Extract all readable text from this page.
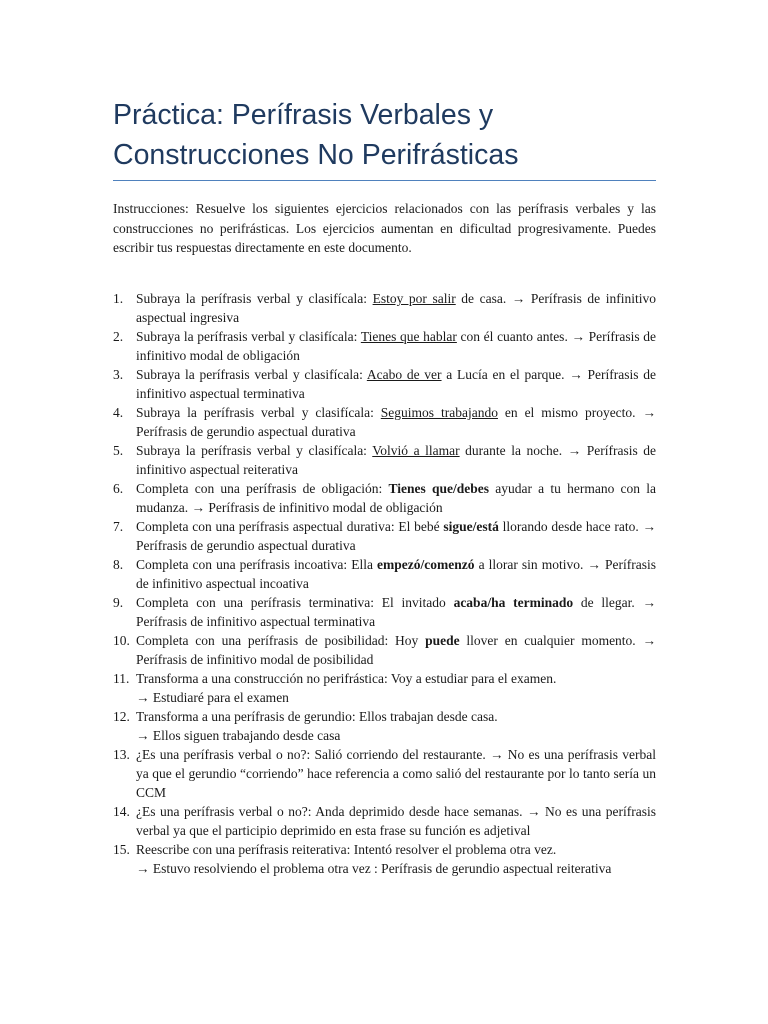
Práctica: Perífrasis Verbales y
Construcciones No Perifrásticas

Instrucciones: Resuelve los siguientes ejercicios relacionados con las perífrasis verbales y las construcciones no perifrásticas. Los ejercicios aumentan en dificultad progresivamente. Puedes escribir tus respuestas directamente en este documento.

1. Subraya la perífrasis verbal y clasifícala: Estoy por salir de casa. → Perífrasis de infinitivo aspectual ingresiva
2. Subraya la perífrasis verbal y clasifícala: Tienes que hablar con él cuanto antes. → Perífrasis de infinitivo modal de obligación
3. Subraya la perífrasis verbal y clasifícala: Acabo de ver a Lucía en el parque. → Perífrasis de infinitivo aspectual terminativa
4. Subraya la perífrasis verbal y clasifícala: Seguimos trabajando en el mismo proyecto. → Perífrasis de gerundio aspectual durativa
5. Subraya la perífrasis verbal y clasifícala: Volvió a llamar durante la noche. → Perífrasis de infinitivo aspectual reiterativa
6. Completa con una perífrasis de obligación: Tienes que/debes ayudar a tu hermano con la mudanza. → Perífrasis de infinitivo modal de obligación
7. Completa con una perífrasis aspectual durativa: El bebé sigue/está llorando desde hace rato. → Perífrasis de gerundio aspectual durativa
8. Completa con una perífrasis incoativa: Ella empezó/comenzó a llorar sin motivo. → Perífrasis de infinitivo aspectual incoativa
9. Completa con una perífrasis terminativa: El invitado acaba/ha terminado de llegar. → Perífrasis de infinitivo aspectual terminativa
10. Completa con una perífrasis de posibilidad: Hoy puede llover en cualquier momento. → Perífrasis de infinitivo modal de posibilidad
11. Transforma a una construcción no perifrástica: Voy a estudiar para el examen.
→ Estudiaré para el examen
12. Transforma a una perífrasis de gerundio: Ellos trabajan desde casa.
→ Ellos siguen trabajando desde casa
13. ¿Es una perífrasis verbal o no?: Salió corriendo del restaurante. → No es una perífrasis verbal ya que el gerundio “corriendo” hace referencia a como salió del restaurante por lo tanto sería un CCM
14. ¿Es una perífrasis verbal o no?: Anda deprimido desde hace semanas. → No es una perífrasis verbal ya que el participio deprimido en esta frase su función es adjetival
15. Reescribe con una perífrasis reiterativa: Intentó resolver el problema otra vez.
→ Estuvo resolviendo el problema otra vez : Perífrasis de gerundio aspectual reiterativa
